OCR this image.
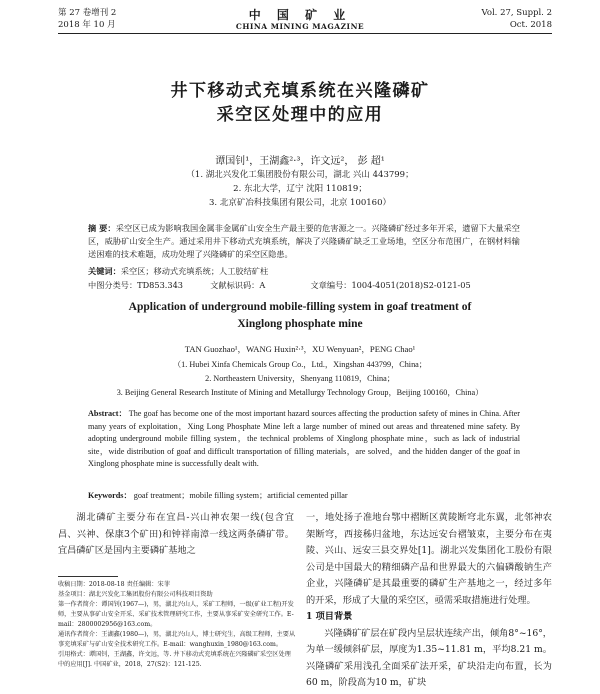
第 27 卷增刊 2
2018 年 10 月
中 国 矿 业
CHINA MINING MAGAZINE
Vol. 27, Suppl. 2
Oct. 2018
井下移动式充填系统在兴隆磷矿
采空区处理中的应用
谭国钊¹，王湖鑫²·³，许文远²， 彭 超¹
（1. 湖北兴发化工集团股份有限公司，湖北 兴山 443799；
2. 东北大学，辽宁 沈阳 110819；
3. 北京矿冶科技集团有限公司，北京 100160）
摘 要：采空区已成为影响我国金属非金属矿山安全生产最主要的危害源之一。兴隆磷矿经过多年开采，遗留下大量采空区，威胁矿山安全生产。通过采用井下移动式充填系统，解决了兴隆磷矿缺乏工业场地，空区分布范围广，在钢材料输送困难的技术难题，成功处理了兴隆磷矿的采空区隐患。
关键词：采空区；移动式充填系统；人工胶结矿柱
中图分类号：TD853.343	文献标识码：A	文章编号：1004-4051(2018)S2-0121-05
Application of underground mobile-filling system in goaf treatment of
Xinglong phosphate mine
TAN Guozhao¹，WANG Huxin²·³，XU Wenyuan²，PENG Chao¹
（1. Hubei Xinfa Chemicals Group Co.，Ltd.，Xingshan 443799，China；
2. Northeastern University，Shenyang 110819，China；
3. Beijing General Research Institute of Mining and Metallurgy Technology Group，Beijing 100160，China）
Abstract： The goaf has become one of the most important hazard sources affecting the production safety of mines in China. After many years of exploitation，Xing Long Phosphate Mine left a large number of mined out areas and threatened mine safety. By adopting underground mobile filling system，the technical problems of Xinglong phosphate mine，such as lack of industrial site，wide distribution of goaf and difficult transportation of filling materials，are solved，and the hidden danger of the goaf in Xinglong phosphate mine is successfully dealt with.
Keywords： goaf treatment；mobile filling system；artificial cemented pillar
湖北磷矿主要分布在宜昌-兴山神农架一线(包含宜昌、兴神、保康3个矿田)和钟祥南漳一线这两条磷矿带。宜昌磷矿区是国内主要磷矿基地之
收稿日期：2018-08-18 责任编辑：宋菲
基金项目：湖北兴发化工集团股份有限公司科技项目资助
第一作者简介：谭国钊(1967—)，男，湖北兴山人，采矿工程师，一级(矿业工程)开发师，主要从事矿山安全开采、采矿技术管理研究工作，主要从事采矿安全研究工作。E-mail：2800002956@163.com。
通讯作者简介：王湖鑫(1980—)，男，湖北兴山人，博士研究生，高级工程师，主要从事充填采矿与矿山安全技术研究工作。E-mail：wanghuxin_1980@163.com。
引用格式：谭国钊，王湖鑫，许文远，等. 井下移动式充填系统在兴隆磷矿采空区处理中的应用[J]. 中国矿业，2018，27(S2)：121-125.
一，地处扬子准地台鄂中褶断区黄陵断穹北东翼，北邻神农架断穹，西接秭归盆地，东达远安台褶皱束，主要分布在夷陵、兴山、远安三县交界处[1]。湖北兴发集团化工股份有限公司是中国最大的精细磷产品和世界最大的六偏磷酸钠生产企业，兴隆磷矿是其最重要的磷矿生产基地之一，经过多年的开采，形成了大量的采空区，亟需采取措施进行处理。
1 项目背景
兴隆磷矿矿层在矿段内呈层状连续产出，倾角8°~16°，为单一缓倾斜矿层，厚度为1.35~11.81 m，平均8.21 m。兴隆磷矿采用浅孔全面采矿法开采，矿块沿走向布置，长为60 m，阶段高为10 m，矿块
